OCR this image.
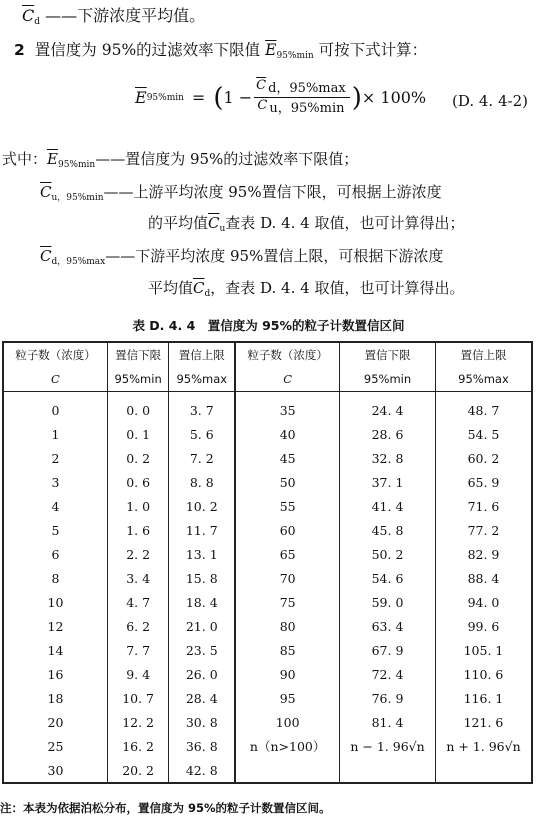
$\overline{C}_d$ ——下游浓度平均值。
2 置信度为 95%的过滤效率下限值 $\overline{E}_{95\%min}$ 可按下式计算：
$\overline{E}$ 95%min = ( $1 - \frac{\overline{C} d,95\%\max}{\overline{C} u,95\%\min}$ ) × 100% (D. 4. 4-2)
式中：$\overline{E}_{95\%min}——$置信度为 95%的过滤效率下限值；
$\overline{C}_{u,95\%min}——$上游平均浓度 95%置信下限，可根据上游浓度
的平均值$\overline{C}_u$查表 D. 4. 4 取值，也可计算得出；
$\overline{C}_{d,95\%max}——$下游平均浓度 95%置信上限，可根据下游浓度
平均值$\overline{C}_d$，查表 D. 4. 4 取值，也可计算得出。
表 D. 4. 4　置信度为 95%的粒子计数置信区间
粒子数（浓度）	置信下限	置信上限	粒子数（浓度）	置信下限	置信上限
C	95%min	95%max	C	95%min	95%max
0	0. 0	3. 7	35	24. 4	48. 7
1	0. 1	5. 6	40	28. 6	54. 5
2	0. 2	7. 2	45	32. 8	60. 2
3	0. 6	8. 8	50	37. 1	65. 9
4	1. 0	10. 2	55	41. 4	71. 6
5	1. 6	11. 7	60	45. 8	77. 2
6	2. 2	13. 1	65	50. 2	82. 9
8	3. 4	15. 8	70	54. 6	88. 4
10	4. 7	18. 4	75	59. 0	94. 0
12	6. 2	21. 0	80	63. 4	99. 6
14	7. 7	23. 5	85	67. 9	105. 1
16	9. 4	26. 0	90	72. 4	110. 6
18	10. 7	28. 4	95	76. 9	116. 1
20	12. 2	30. 8	100	81. 4	121. 6
25	16. 2	36. 8	n（n>100）	n − 1. 96√n	n + 1. 96√n
30	20. 2	42. 8			
注：本表为依据泊松分布，置信度为 95%的粒子计数置信区间。
